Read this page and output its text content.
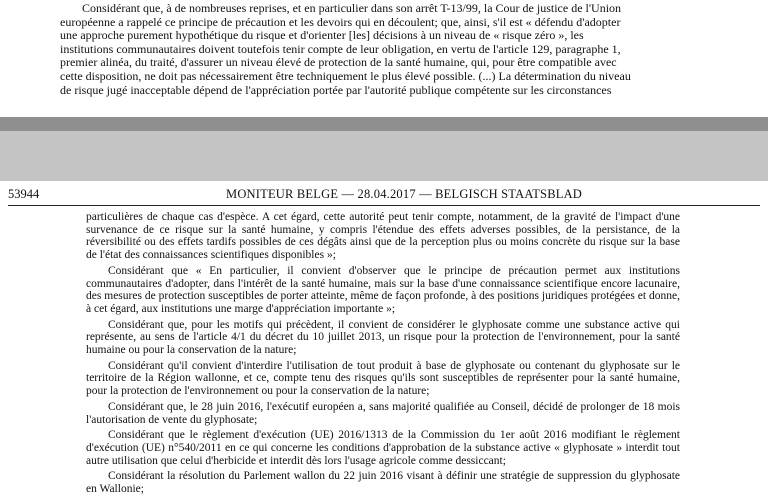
Considérant que, à de nombreuses reprises, et en particulier dans son arrêt T-13/99, la Cour de justice de l'Union

européenne a rappelé ce principe de précaution et les devoirs qui en découlent; que, ainsi, s'il est « défendu d'adopter

une approche purement hypothétique du risque et d'orienter [les] décisions à un niveau de « risque zéro », les

institutions communautaires doivent toutefois tenir compte de leur obligation, en vertu de l'article 129, paragraphe 1,

premier alinéa, du traité, d'assurer un niveau élevé de protection de la santé humaine, qui, pour être compatible avec

cette disposition, ne doit pas nécessairement être techniquement le plus élevé possible. (...) La détermination du niveau

de risque jugé inacceptable dépend de l'appréciation portée par l'autorité publique compétente sur les circonstances

53944	MONITEUR BELGE — 28.04.2017 — BELGISCH STAATSBLAD

particulières de chaque cas d'espèce. A cet égard, cette autorité peut tenir compte, notamment, de la gravité de l'impact d'une survenance de ce risque sur la santé humaine, y compris l'étendue des effets adverses possibles, de la persistance, de la réversibilité ou des effets tardifs possibles de ces dégâts ainsi que de la perception plus ou moins concrète du risque sur la base de l'état des connaissances scientifiques disponibles »;

Considérant que « En particulier, il convient d'observer que le principe de précaution permet aux institutions communautaires d'adopter, dans l'intérêt de la santé humaine, mais sur la base d'une connaissance scientifique encore lacunaire, des mesures de protection susceptibles de porter atteinte, même de façon profonde, à des positions juridiques protégées et donne, à cet égard, aux institutions une marge d'appréciation importante »;

Considérant que, pour les motifs qui précèdent, il convient de considérer le glyphosate comme une substance active qui représente, au sens de l'article 4/1 du décret du 10 juillet 2013, un risque pour la protection de l'environnement, pour la santé humaine ou pour la conservation de la nature;

Considérant qu'il convient d'interdire l'utilisation de tout produit à base de glyphosate ou contenant du glyphosate sur le territoire de la Région wallonne, et ce, compte tenu des risques qu'ils sont susceptibles de représenter pour la santé humaine, pour la protection de l'environnement ou pour la conservation de la nature;

Considérant que, le 28 juin 2016, l'exécutif européen a, sans majorité qualifiée au Conseil, décidé de prolonger de 18 mois l'autorisation de vente du glyphosate;

Considérant que le règlement d'exécution (UE) 2016/1313 de la Commission du 1er août 2016 modifiant le règlement d'exécution (UE) n°540/2011 en ce qui concerne les conditions d'approbation de la substance active « glyphosate » interdit tout autre utilisation que celui d'herbicide et interdit dès lors l'usage agricole comme dessiccant;

Considérant la résolution du Parlement wallon du 22 juin 2016 visant à définir une stratégie de suppression du glyphosate en Wallonie;
